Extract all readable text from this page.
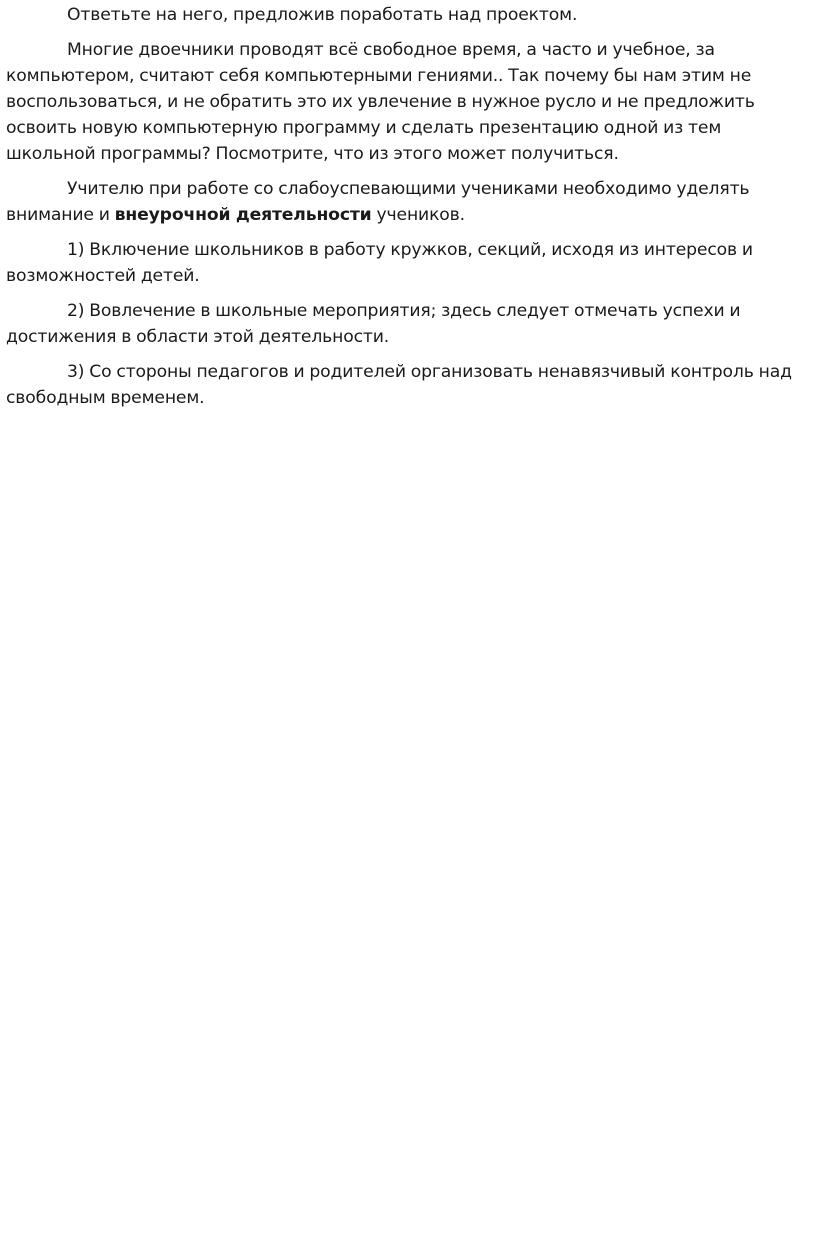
Ответьте на него, предложив поработать над проектом.

Многие двоечники проводят всё свободное время, а часто и учебное, за компьютером, считают себя компьютерными гениями.. Так почему бы нам этим не воспользоваться, и не обратить это их увлечение в нужное русло и не предложить освоить новую компьютерную программу и сделать презентацию одной из тем школьной программы? Посмотрите, что из этого может получиться.

Учителю при работе со слабоуспевающими учениками необходимо уделять внимание и внеурочной деятельности учеников.

1) Включение школьников в работу кружков, секций, исходя из интересов и возможностей детей.

2) Вовлечение в школьные мероприятия; здесь следует отмечать успехи и достижения в области этой деятельности.

3) Со стороны педагогов и родителей организовать ненавязчивый контроль над свободным временем.
